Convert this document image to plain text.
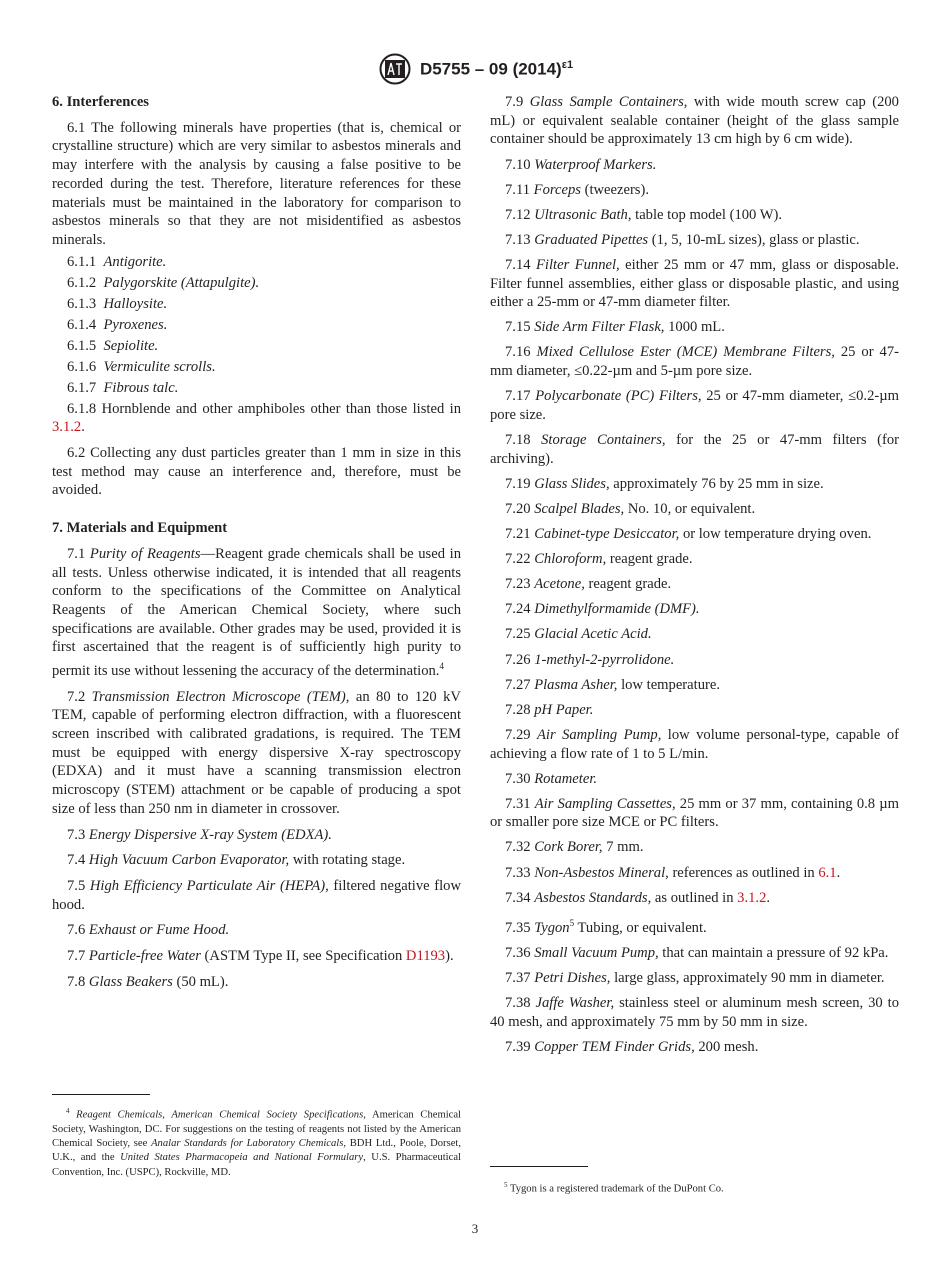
D5755 – 09 $(2014)^{\varepsilon 1}$

6. Interferences

6.1 The following minerals have properties (that is, chemical or crystalline structure) which are very similar to asbestos minerals and may interfere with the analysis by causing a false positive to be recorded during the test. Therefore, literature references for these materials must be maintained in the laboratory for comparison to asbestos minerals so that they are not misidentified as asbestos minerals.

6.1.1 Antigorite.

6.1.2 Palygorskite (Attapulgite).

6.1.3 Halloysite.

6.1.4 Pyroxenes.

6.1.5 Sepiolite.

6.1.6 Vermiculite scrolls.

6.1.7 Fibrous talc.

6.1.8 Hornblende and other amphiboles other than those listed in 3.1.2.

6.2 Collecting any dust particles greater than 1 mm in size in this test method may cause an interference and, therefore, must be avoided.

7. Materials and Equipment

7.1 Purity of Reagents—Reagent grade chemicals shall be used in all tests. Unless otherwise indicated, it is intended that all reagents conform to the specifications of the Committee on Analytical Reagents of the American Chemical Society, where such specifications are available. Other grades may be used, provided it is first ascertained that the reagent is of sufficiently high purity to permit its use without lessening the accuracy of the determination.$^4$

7.2 Transmission Electron Microscope (TEM), an 80 to 120 kV TEM, capable of performing electron diffraction, with a fluorescent screen inscribed with calibrated gradations, is required. The TEM must be equipped with energy dispersive X-ray spectroscopy (EDXA) and it must have a scanning transmission electron microscopy (STEM) attachment or be capable of producing a spot size of less than 250 nm in diameter in crossover.

7.3 Energy Dispersive X-ray System (EDXA).

7.4 High Vacuum Carbon Evaporator, with rotating stage.

7.5 High Efficiency Particulate Air (HEPA), filtered negative flow hood.

7.6 Exhaust or Fume Hood.

7.7 Particle-free Water (ASTM Type II, see Specification D1193).

7.8 Glass Beakers (50 mL).

7.9 Glass Sample Containers, with wide mouth screw cap (200 mL) or equivalent sealable container (height of the glass sample container should be approximately 13 cm high by 6 cm wide).

7.10 Waterproof Markers.

7.11 Forceps (tweezers).

7.12 Ultrasonic Bath, table top model (100 W).

7.13 Graduated Pipettes (1, 5, 10-mL sizes), glass or plastic.

7.14 Filter Funnel, either 25 mm or 47 mm, glass or disposable. Filter funnel assemblies, either glass or disposable plastic, and using either a 25-mm or 47-mm diameter filter.

7.15 Side Arm Filter Flask, 1000 mL.

7.16 Mixed Cellulose Ester (MCE) Membrane Filters, 25 or 47-mm diameter, ≤0.22-µm and 5-µm pore size.

7.17 Polycarbonate (PC) Filters, 25 or 47-mm diameter, ≤0.2-µm pore size.

7.18 Storage Containers, for the 25 or 47-mm filters (for archiving).

7.19 Glass Slides, approximately 76 by 25 mm in size.

7.20 Scalpel Blades, No. 10, or equivalent.

7.21 Cabinet-type Desiccator, or low temperature drying oven.

7.22 Chloroform, reagent grade.

7.23 Acetone, reagent grade.

7.24 Dimethylformamide (DMF).

7.25 Glacial Acetic Acid.

7.26 1-methyl-2-pyrrolidone.

7.27 Plasma Asher, low temperature.

7.28 pH Paper.

7.29 Air Sampling Pump, low volume personal-type, capable of achieving a flow rate of 1 to 5 L/min.

7.30 Rotameter.

7.31 Air Sampling Cassettes, 25 mm or 37 mm, containing 0.8 µm or smaller pore size MCE or PC filters.

7.32 Cork Borer, 7 mm.

7.33 Non-Asbestos Mineral, references as outlined in 6.1.

7.34 Asbestos Standards, as outlined in 3.1.2.

7.35 Tygon$^5$ Tubing, or equivalent.

7.36 Small Vacuum Pump, that can maintain a pressure of 92 kPa.

7.37 Petri Dishes, large glass, approximately 90 mm in diameter.

7.38 Jaffe Washer, stainless steel or aluminum mesh screen, 30 to 40 mesh, and approximately 75 mm by 50 mm in size.

7.39 Copper TEM Finder Grids, 200 mesh.

$^4$ Reagent Chemicals, American Chemical Society Specifications, American Chemical Society, Washington, DC. For suggestions on the testing of reagents not listed by the American Chemical Society, see Analar Standards for Laboratory Chemicals, BDH Ltd., Poole, Dorset, U.K., and the United States Pharmacopeia and National Formulary, U.S. Pharmaceutical Convention, Inc. (USPC), Rockville, MD.
$^5$ Tygon is a registered trademark of the DuPont Co.
3
